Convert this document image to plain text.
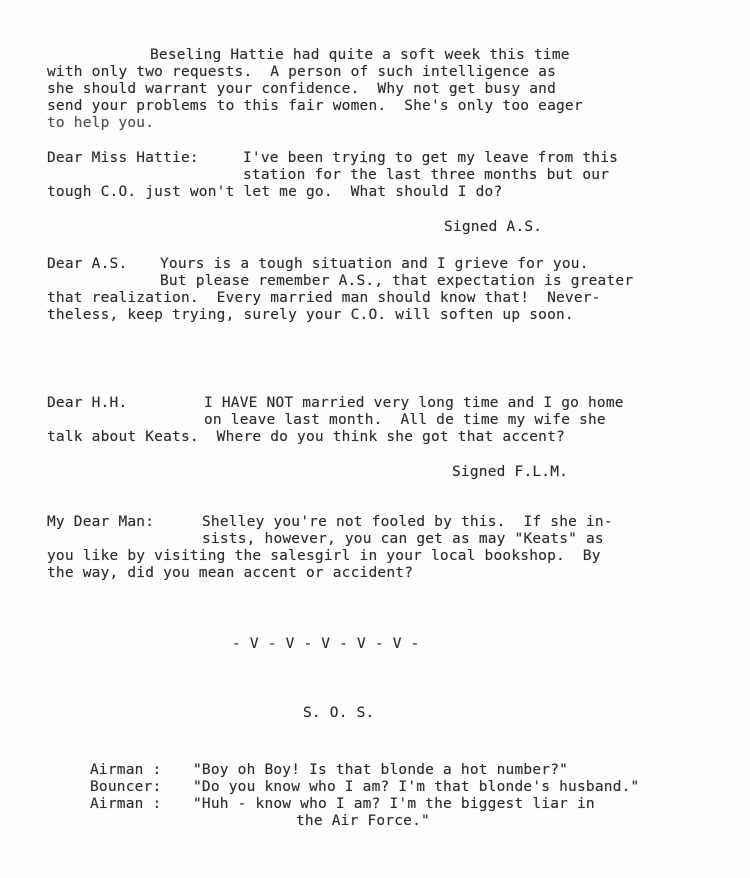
Beseling Hattie had quite a soft week this time
with only two requests.  A person of such intelligence as
she should warrant your confidence.  Why not get busy and
send your problems to this fair women.  She's only too eager
to help you.
Dear Miss Hattie:	I've been trying to get my leave from this
station for the last three months but our
tough C.O. just won't let me go.  What should I do?
Signed A.S.
Dear A.S. Yours is a tough situation and I grieve for you.
But please remember A.S., that expectation is greater
that realization.  Every married man should know that!  Never-
theless, keep trying, surely your C.O. will soften up soon.
Dear H.H.	I HAVE NOT married very long time and I go home
on leave last month.  All de time my wife she
talk about Keats.  Where do you think she got that accent?
Signed F.L.M.
My Dear Man:	Shelley you're not fooled by this.  If she in-
sists, however, you can get as may "Keats" as
you like by visiting the salesgirl in your local bookshop.  By
the way, did you mean accent or accident?
- V - V - V - V - V -
S. O. S.
Airman : "Boy oh Boy! Is that blonde a hot number?"
Bouncer: "Do you know who I am? I'm that blonde's husband."
Airman : "Huh - know who I am? I'm the biggest liar in
the Air Force."
